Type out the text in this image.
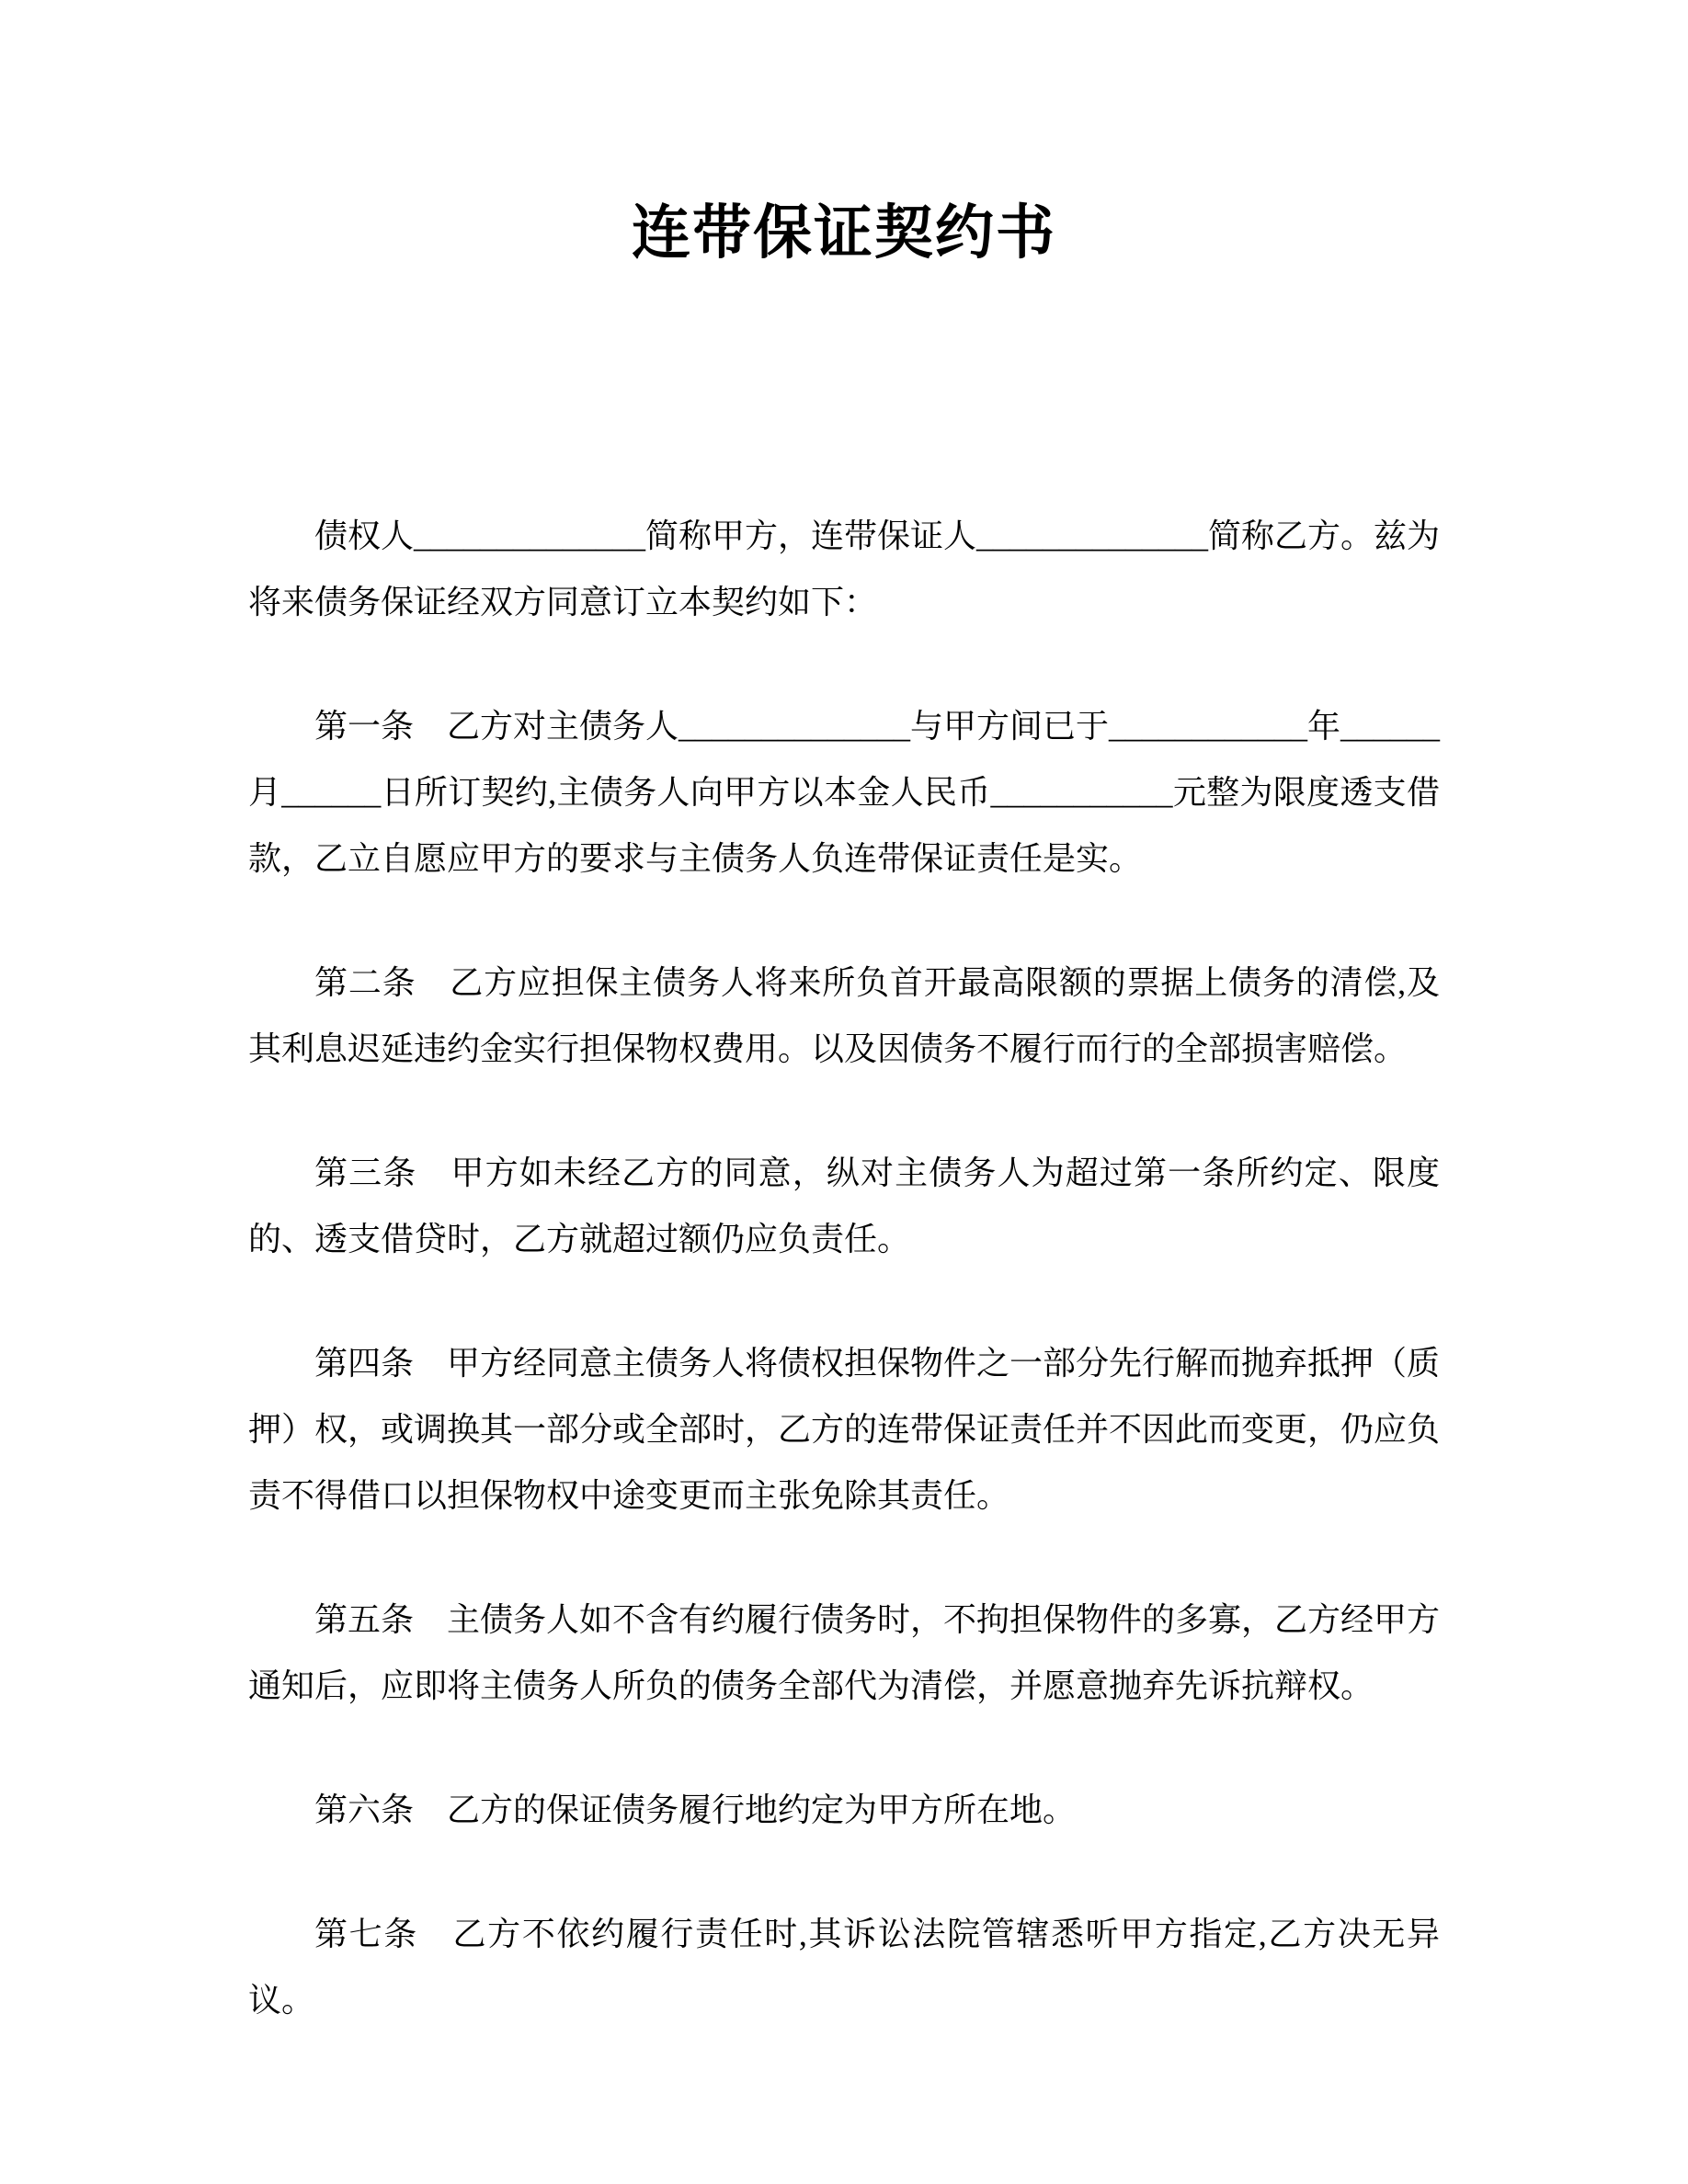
连带保证契约书

债权人______________简称甲方，连带保证人______________简称乙方。兹为将来债务保证经双方同意订立本契约如下：

第一条　乙方对主债务人______________与甲方间已于____________年______月______日所订契约,主债务人向甲方以本金人民币___________元整为限度透支借款，乙立自愿应甲方的要求与主债务人负连带保证责任是实。

第二条　乙方应担保主债务人将来所负首开最高限额的票据上债务的清偿,及其利息迟延违约金实行担保物权费用。以及因债务不履行而行的全部损害赔偿。

第三条　甲方如未经乙方的同意，纵对主债务人为超过第一条所约定、限度的、透支借贷时，乙方就超过额仍应负责任。

第四条　甲方经同意主债务人将债权担保物件之一部分先行解而抛弃抵押（质押）权，或调换其一部分或全部时，乙方的连带保证责任并不因此而变更，仍应负责不得借口以担保物权中途变更而主张免除其责任。

第五条　主债务人如不含有约履行债务时，不拘担保物件的多寡，乙方经甲方通知后，应即将主债务人所负的债务全部代为清偿，并愿意抛弃先诉抗辩权。

第六条　乙方的保证债务履行地约定为甲方所在地。

第七条　乙方不依约履行责任时,其诉讼法院管辖悉听甲方指定,乙方决无异议。
